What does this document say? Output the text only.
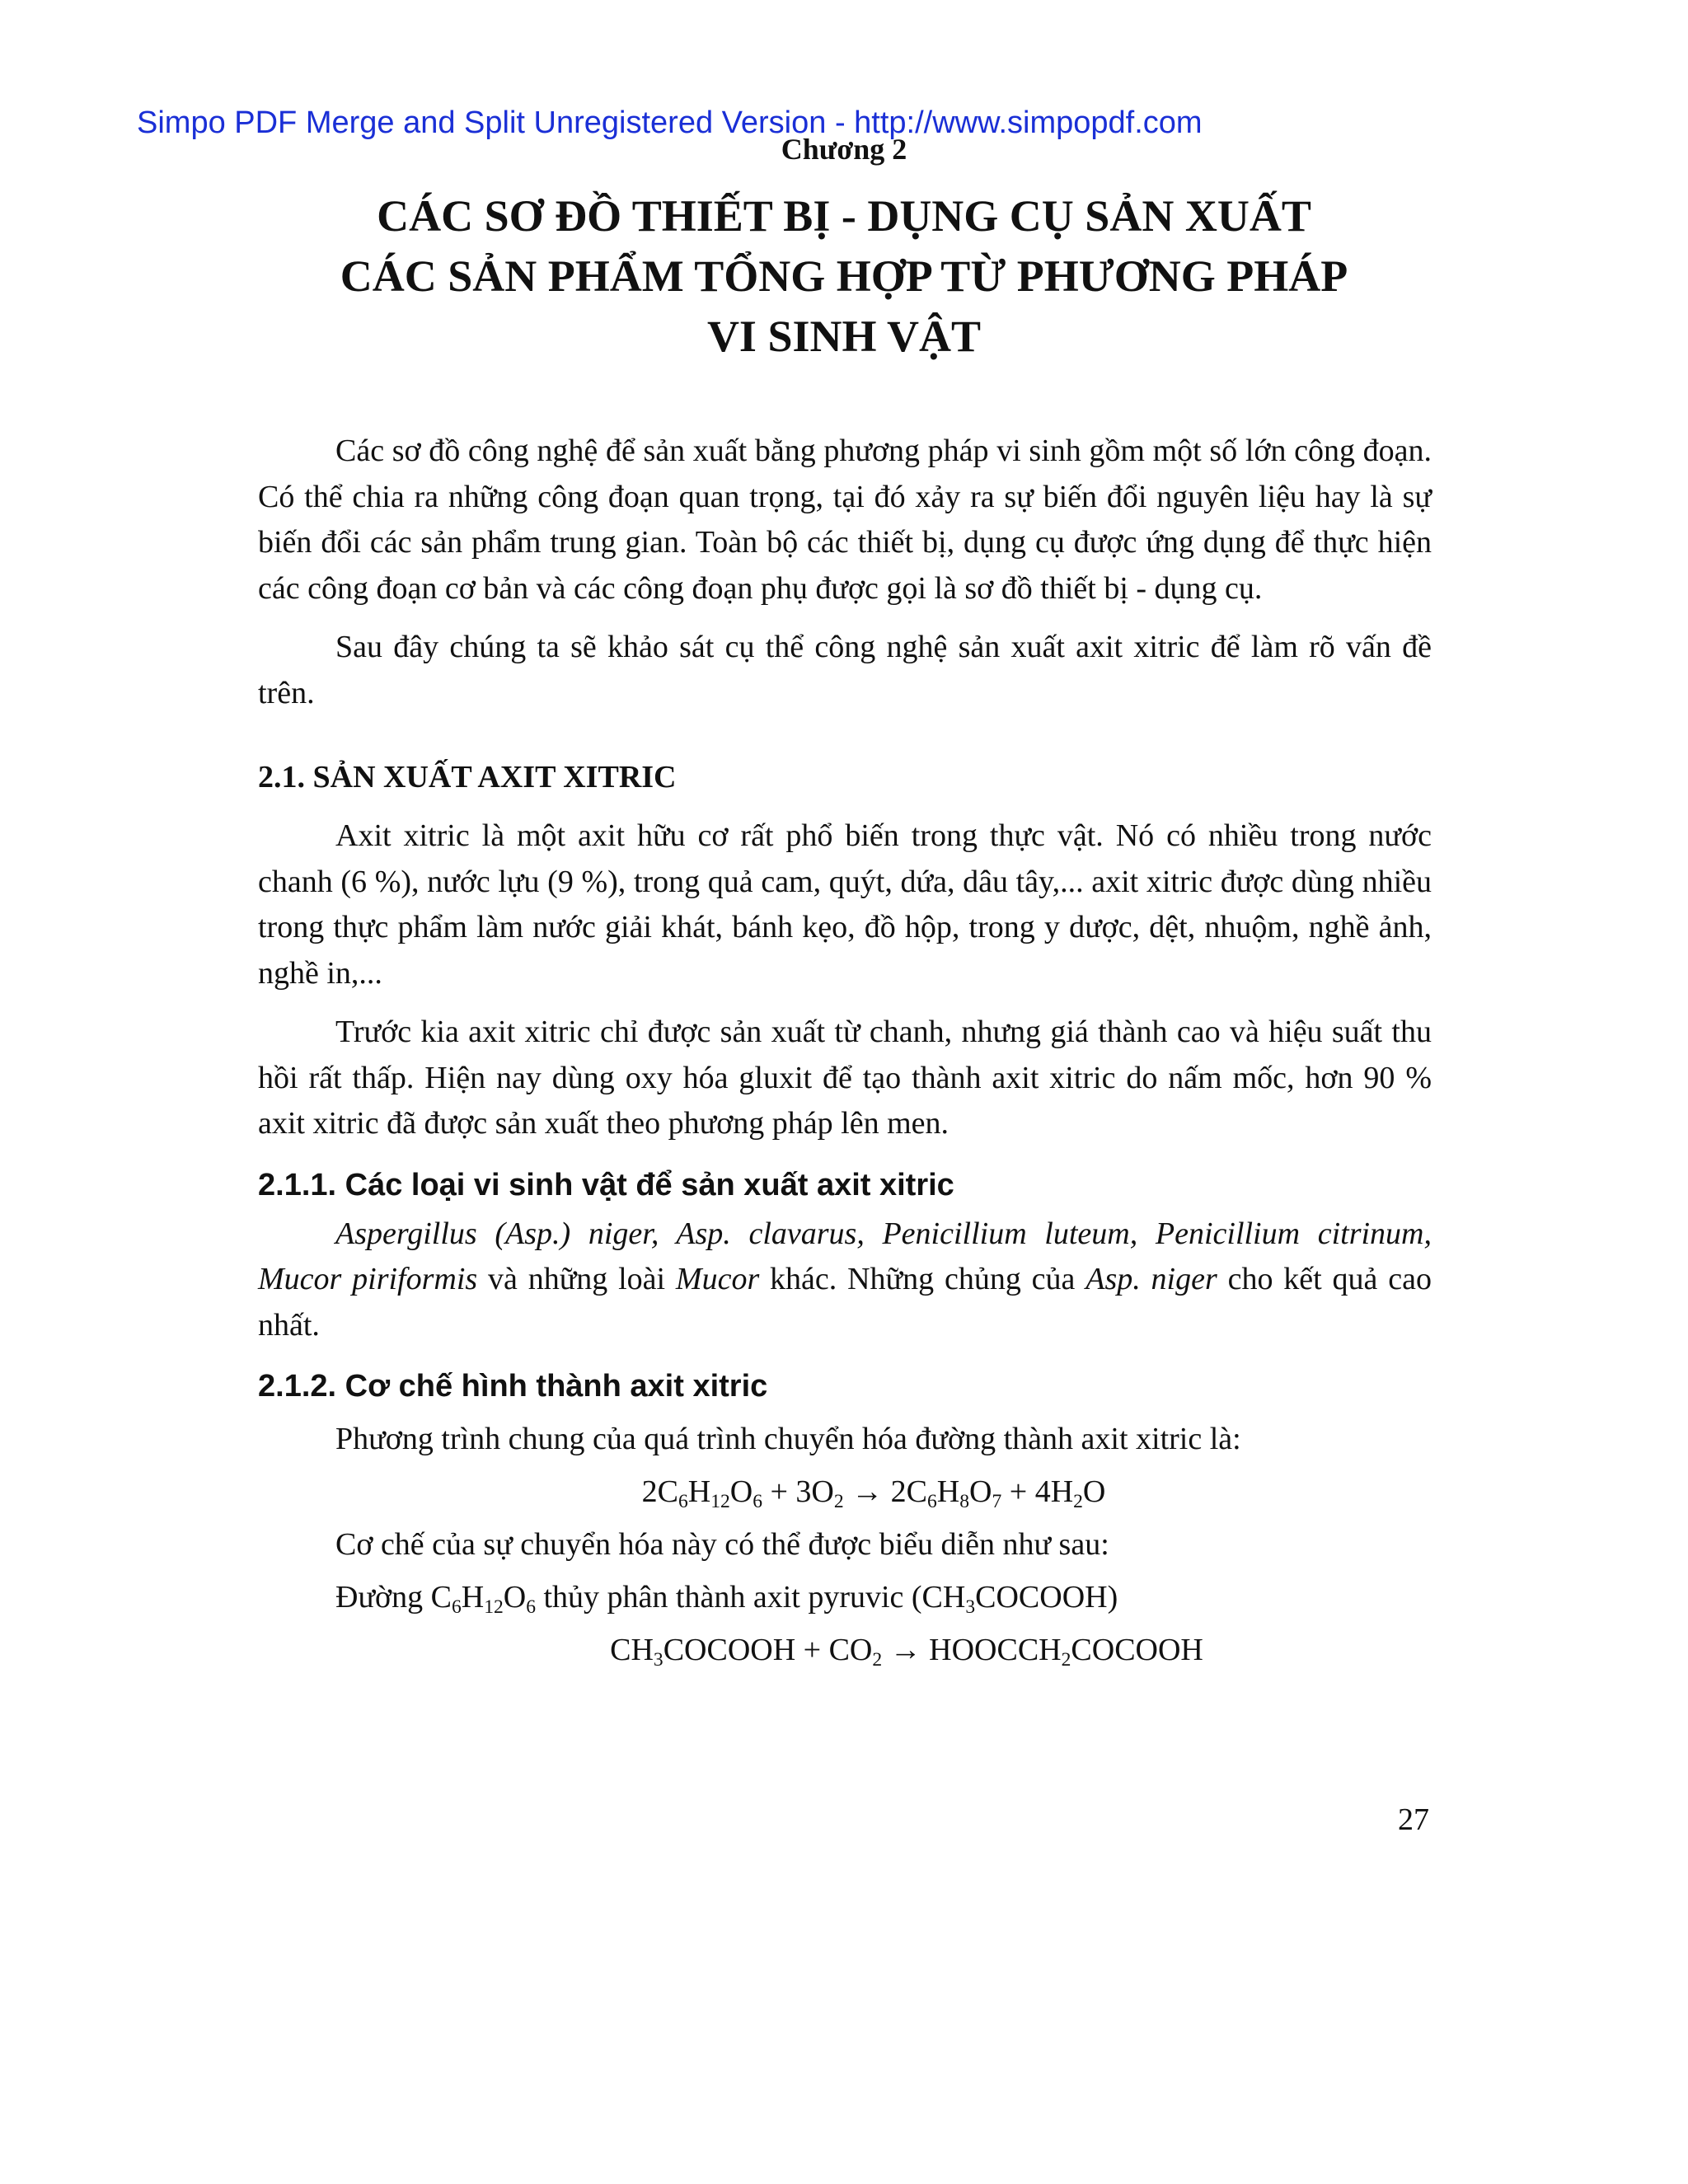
Simpo PDF Merge and Split Unregistered Version - http://www.simpopdf.com
Chương 2
CÁC SƠ ĐỒ THIẾT BỊ - DỤNG CỤ SẢN XUẤT
CÁC SẢN PHẨM TỔNG HỢP TỪ PHƯƠNG PHÁP
VI SINH VẬT

Các sơ đồ công nghệ để sản xuất bằng phương pháp vi sinh gồm một số lớn công đoạn. Có thể chia ra những công đoạn quan trọng, tại đó xảy ra sự biến đổi nguyên liệu hay là sự biến đổi các sản phẩm trung gian. Toàn bộ các thiết bị, dụng cụ được ứng dụng để thực hiện các công đoạn cơ bản và các công đoạn phụ được gọi là sơ đồ thiết bị - dụng cụ.

Sau đây chúng ta sẽ khảo sát cụ thể công nghệ sản xuất axit xitric để làm rõ vấn đề trên.

2.1. SẢN XUẤT AXIT XITRIC

Axit xitric là một axit hữu cơ rất phổ biến trong thực vật. Nó có nhiều trong nước chanh (6 %), nước lựu (9 %), trong quả cam, quýt, dứa, dâu tây,... axit xitric được dùng nhiều trong thực phẩm làm nước giải khát, bánh kẹo, đồ hộp, trong y dược, dệt, nhuộm, nghề ảnh, nghề in,...

Trước kia axit xitric chỉ được sản xuất từ chanh, nhưng giá thành cao và hiệu suất thu hồi rất thấp. Hiện nay dùng oxy hóa gluxit để tạo thành axit xitric do nấm mốc, hơn 90 % axit xitric đã được sản xuất theo phương pháp lên men.

2.1.1. Các loại vi sinh vật để sản xuất axit xitric

Aspergillus (Asp.) niger, Asp. clavarus, Penicillium luteum, Penicillium citrinum, Mucor piriformis và những loài Mucor khác. Những chủng của Asp. niger cho kết quả cao nhất.

2.1.2. Cơ chế hình thành axit xitric

Phương trình chung của quá trình chuyển hóa đường thành axit xitric là:

$2C_6H_{12}O_6 + 3O_2 \to 2C_6H_8O_7 + 4H_2O$

Cơ chế của sự chuyển hóa này có thể được biểu diễn như sau:

Đường $C_6H_{12}O_6$ thủy phân thành axit pyruvic $(CH_3COCOOH)$

$CH_3COCOOH + CO_2$ → $HOOCCH_2COCOOH$

27
